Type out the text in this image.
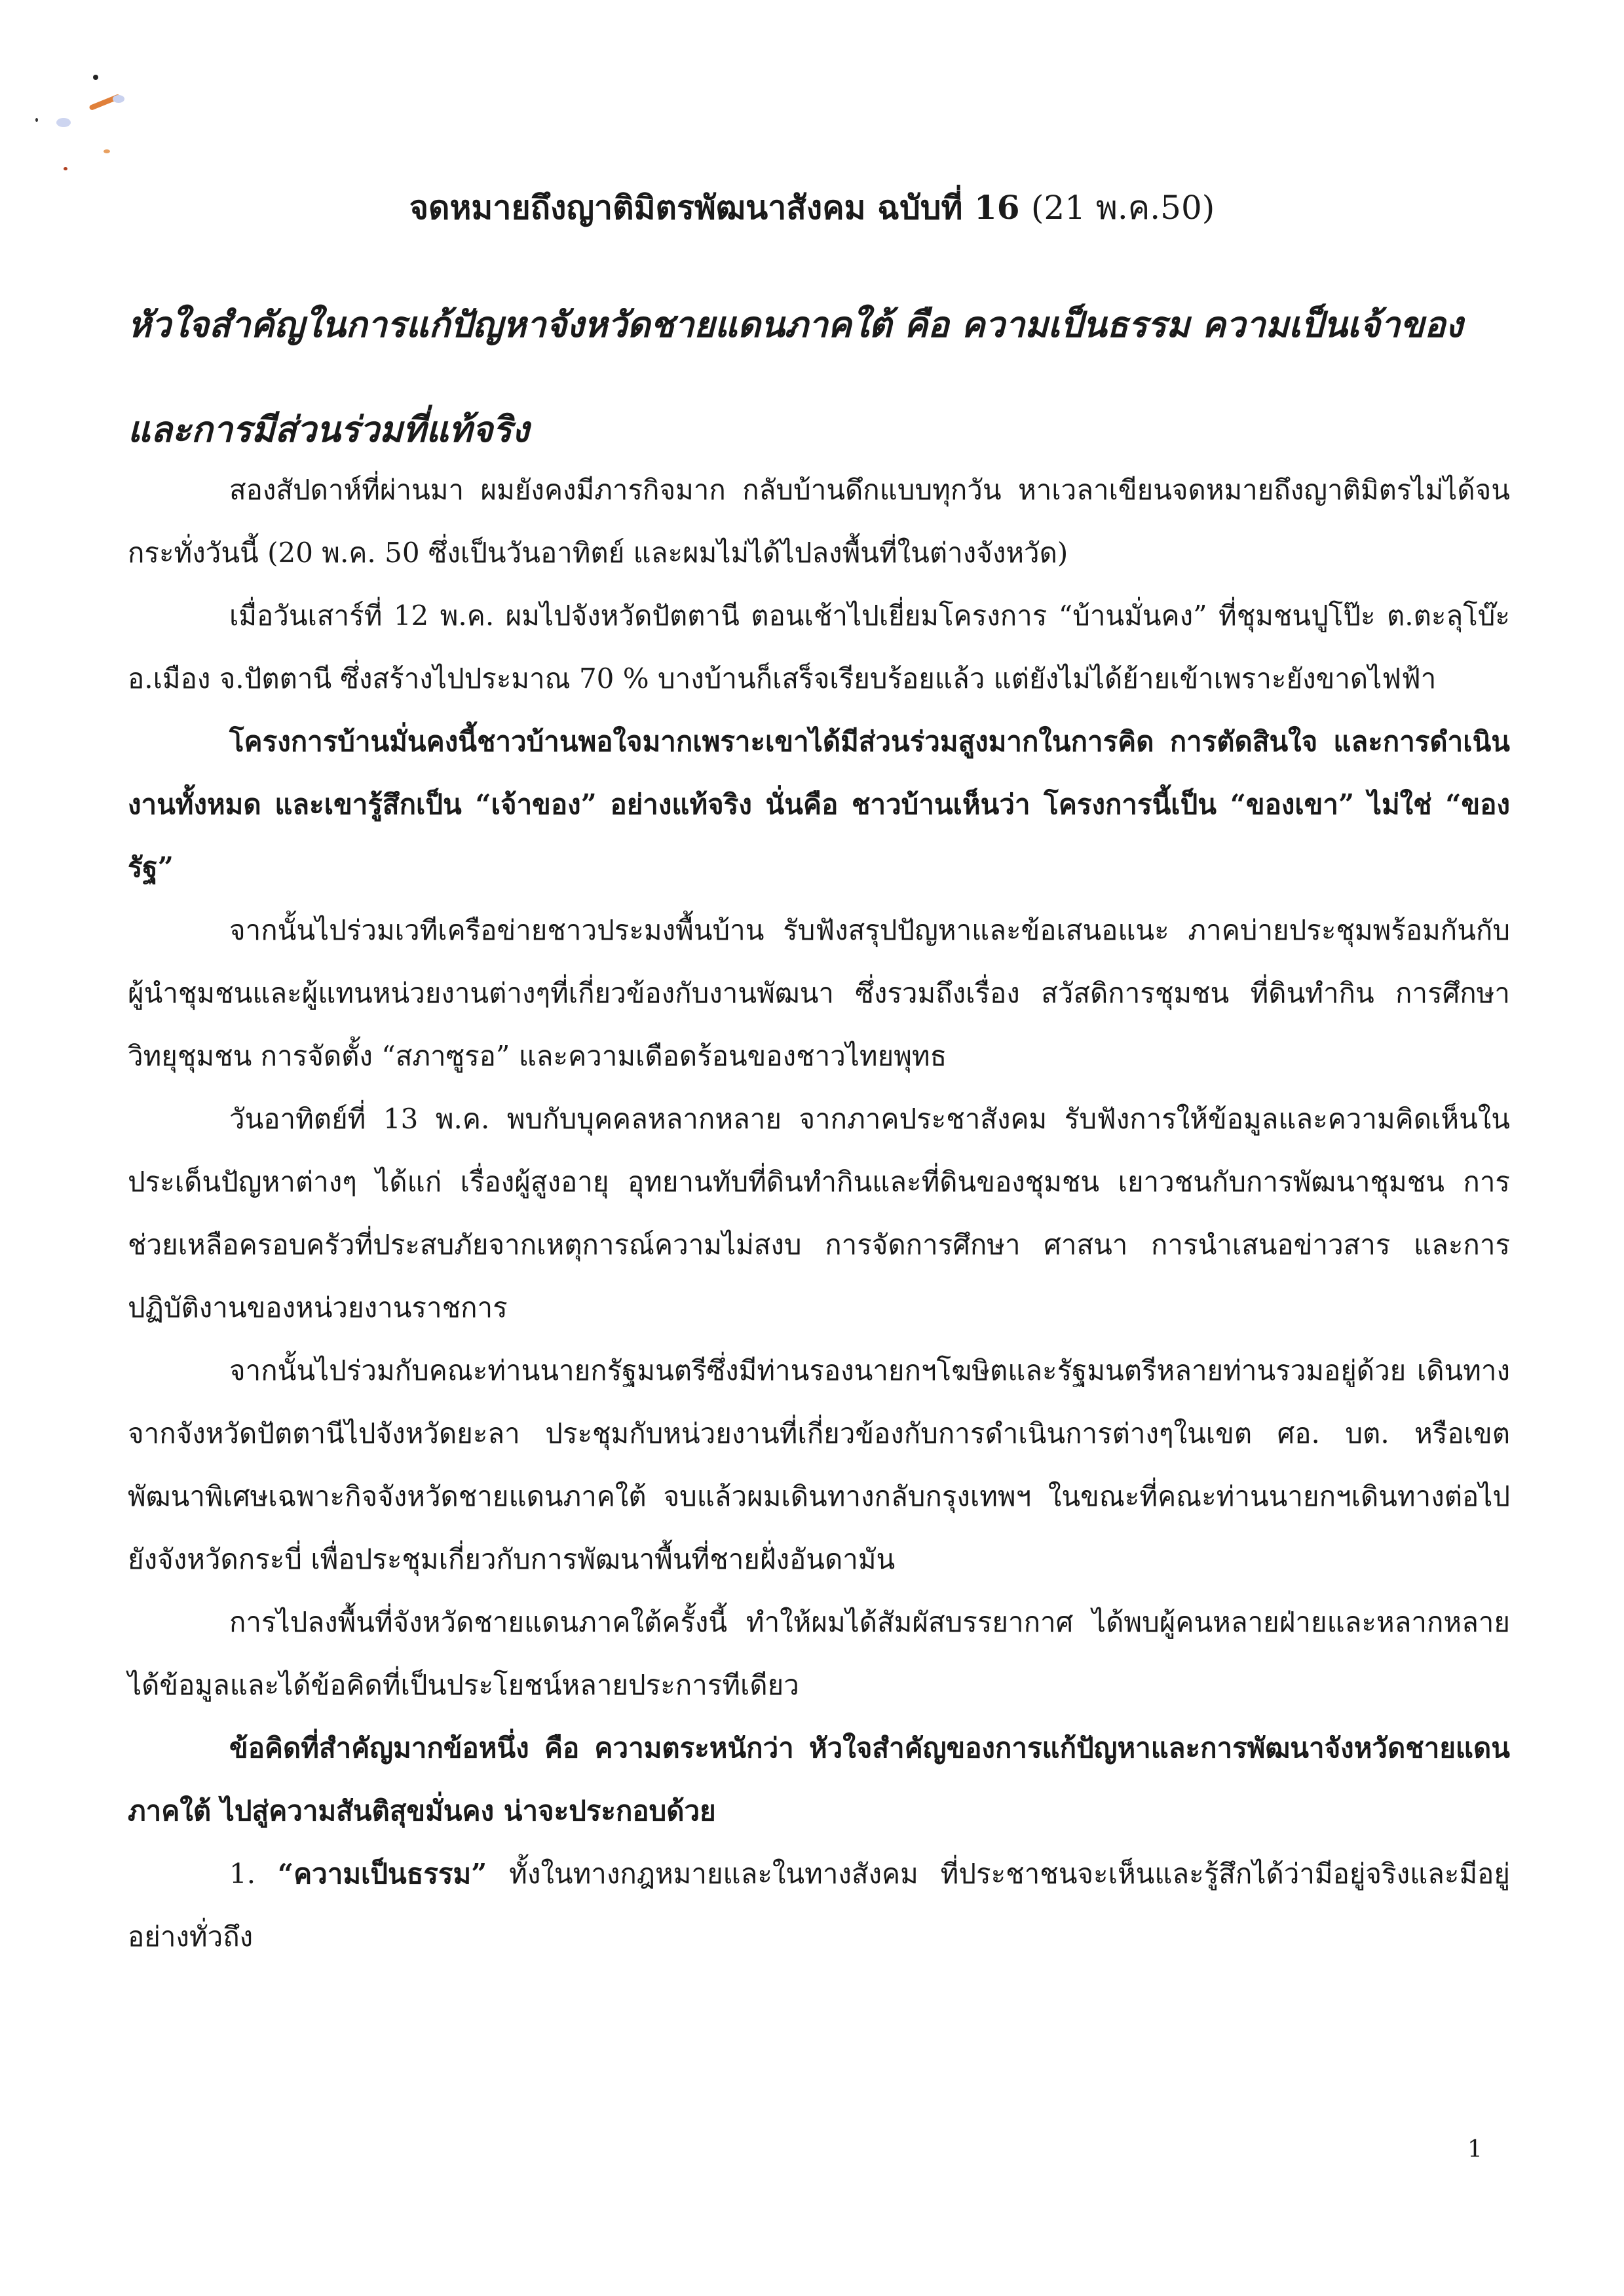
จดหมายถึงญาติมิตรพัฒนาสังคม ฉบับที่ 16 (21 พ.ค.50)
หัวใจสำคัญในการแก้ปัญหาจังหวัดชายแดนภาคใต้ คือ ความเป็นธรรม ความเป็นเจ้าของ และการมีส่วนร่วมที่แท้จริง

สองสัปดาห์ที่ผ่านมา ผมยังคงมีภารกิจมาก กลับบ้านดึกแบบทุกวัน หาเวลาเขียนจดหมายถึงญาติมิตรไม่ได้จนกระทั่งวันนี้ (20 พ.ค. 50 ซึ่งเป็นวันอาทิตย์ และผมไม่ได้ไปลงพื้นที่ในต่างจังหวัด)

เมื่อวันเสาร์ที่ 12 พ.ค. ผมไปจังหวัดปัตตานี ตอนเช้าไปเยี่ยมโครงการ “บ้านมั่นคง” ที่ชุมชนปูโป๊ะ ต.ตะลุโบ๊ะ อ.เมือง จ.ปัตตานี ซึ่งสร้างไปประมาณ 70 % บางบ้านก็เสร็จเรียบร้อยแล้ว แต่ยังไม่ได้ย้ายเข้าเพราะยังขาดไฟฟ้า

โครงการบ้านมั่นคงนี้ชาวบ้านพอใจมากเพราะเขาได้มีส่วนร่วมสูงมากในการคิด การตัดสินใจ และการดำเนินงานทั้งหมด และเขารู้สึกเป็น “เจ้าของ” อย่างแท้จริง นั่นคือ ชาวบ้านเห็นว่า โครงการนี้เป็น “ของเขา” ไม่ใช่ “ของรัฐ”

จากนั้นไปร่วมเวทีเครือข่ายชาวประมงพื้นบ้าน รับฟังสรุปปัญหาและข้อเสนอแนะ ภาคบ่ายประชุมพร้อมกันกับผู้นำชุมชนและผู้แทนหน่วยงานต่างๆที่เกี่ยวข้องกับงานพัฒนา ซึ่งรวมถึงเรื่อง สวัสดิการชุมชน ที่ดินทำกิน การศึกษา วิทยุชุมชน การจัดตั้ง “สภาซูรอ” และความเดือดร้อนของชาวไทยพุทธ

วันอาทิตย์ที่ 13 พ.ค. พบกับบุคคลหลากหลาย จากภาคประชาสังคม รับฟังการให้ข้อมูลและความคิดเห็นในประเด็นปัญหาต่างๆ ได้แก่ เรื่องผู้สูงอายุ อุทยานทับที่ดินทำกินและที่ดินของชุมชน เยาวชนกับการพัฒนาชุมชน การช่วยเหลือครอบครัวที่ประสบภัยจากเหตุการณ์ความไม่สงบ การจัดการศึกษา ศาสนา การนำเสนอข่าวสาร และการปฏิบัติงานของหน่วยงานราชการ

จากนั้นไปร่วมกับคณะท่านนายกรัฐมนตรีซึ่งมีท่านรองนายกฯโฆษิตและรัฐมนตรีหลายท่านรวมอยู่ด้วย เดินทางจากจังหวัดปัตตานีไปจังหวัดยะลา ประชุมกับหน่วยงานที่เกี่ยวข้องกับการดำเนินการต่างๆในเขต ศอ. บต. หรือเขตพัฒนาพิเศษเฉพาะกิจจังหวัดชายแดนภาคใต้ จบแล้วผมเดินทางกลับกรุงเทพฯ ในขณะที่คณะท่านนายกฯเดินทางต่อไปยังจังหวัดกระบี่ เพื่อประชุมเกี่ยวกับการพัฒนาพื้นที่ชายฝั่งอันดามัน

การไปลงพื้นที่จังหวัดชายแดนภาคใต้ครั้งนี้ ทำให้ผมได้สัมผัสบรรยากาศ ได้พบผู้คนหลายฝ่ายและหลากหลาย ได้ข้อมูลและได้ข้อคิดที่เป็นประโยชน์หลายประการทีเดียว

ข้อคิดที่สำคัญมากข้อหนึ่ง คือ ความตระหนักว่า หัวใจสำคัญของการแก้ปัญหาและการพัฒนาจังหวัดชายแดนภาคใต้ ไปสู่ความสันติสุขมั่นคง น่าจะประกอบด้วย

1. “ความเป็นธรรม” ทั้งในทางกฎหมายและในทางสังคม ที่ประชาชนจะเห็นและรู้สึกได้ว่ามีอยู่จริงและมีอยู่อย่างทั่วถึง

1
